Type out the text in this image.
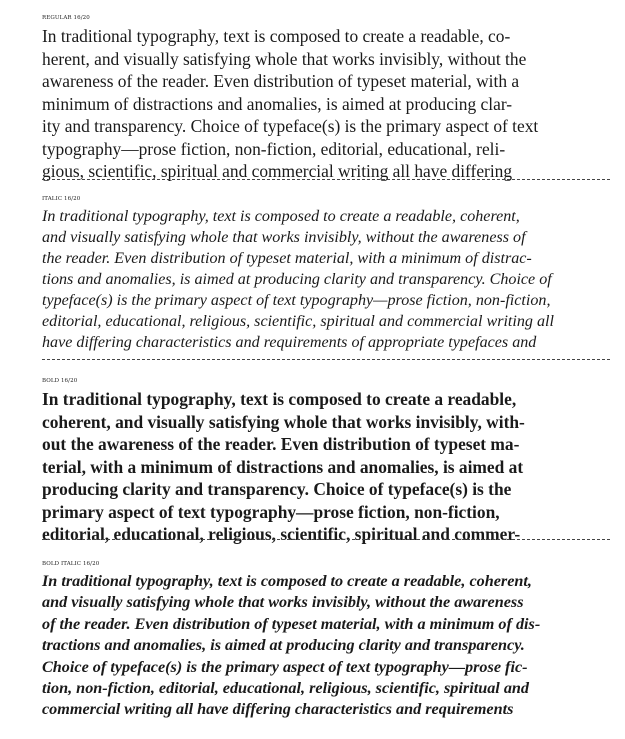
REGULAR 16/20
In traditional typography, text is composed to create a readable, co-
herent, and visually satisfying whole that works invisibly, without the
awareness of the reader. Even distribution of typeset material, with a
minimum of distractions and anomalies, is aimed at producing clar-
ity and transparency. Choice of typeface(s) is the primary aspect of text
typography—prose fiction, non-fiction, editorial, educational, reli-
gious, scientific, spiritual and commercial writing all have differing
ITALIC 16/20
In traditional typography, text is composed to create a readable, coherent,
and visually satisfying whole that works invisibly, without the awareness of
the reader. Even distribution of typeset material, with a minimum of distrac-
tions and anomalies, is aimed at producing clarity and transparency. Choice of
typeface(s) is the primary aspect of text typography—prose fiction, non-fiction,
editorial, educational, religious, scientific, spiritual and commercial writing all
have differing characteristics and requirements of appropriate typefaces and
BOLD 16/20
In traditional typography, text is composed to create a readable,
coherent, and visually satisfying whole that works invisibly, with-
out the awareness of the reader. Even distribution of typeset ma-
terial, with a minimum of distractions and anomalies, is aimed at
producing clarity and transparency. Choice of typeface(s) is the
primary aspect of text typography—prose fiction, non-fiction,
editorial, educational, religious, scientific, spiritual and commer-
BOLD ITALIC 16/20
In traditional typography, text is composed to create a readable, coherent,
and visually satisfying whole that works invisibly, without the awareness
of the reader. Even distribution of typeset material, with a minimum of dis-
tractions and anomalies, is aimed at producing clarity and transparency.
Choice of typeface(s) is the primary aspect of text typography—prose fic-
tion, non-fiction, editorial, educational, religious, scientific, spiritual and
commercial writing all have differing characteristics and requirements
